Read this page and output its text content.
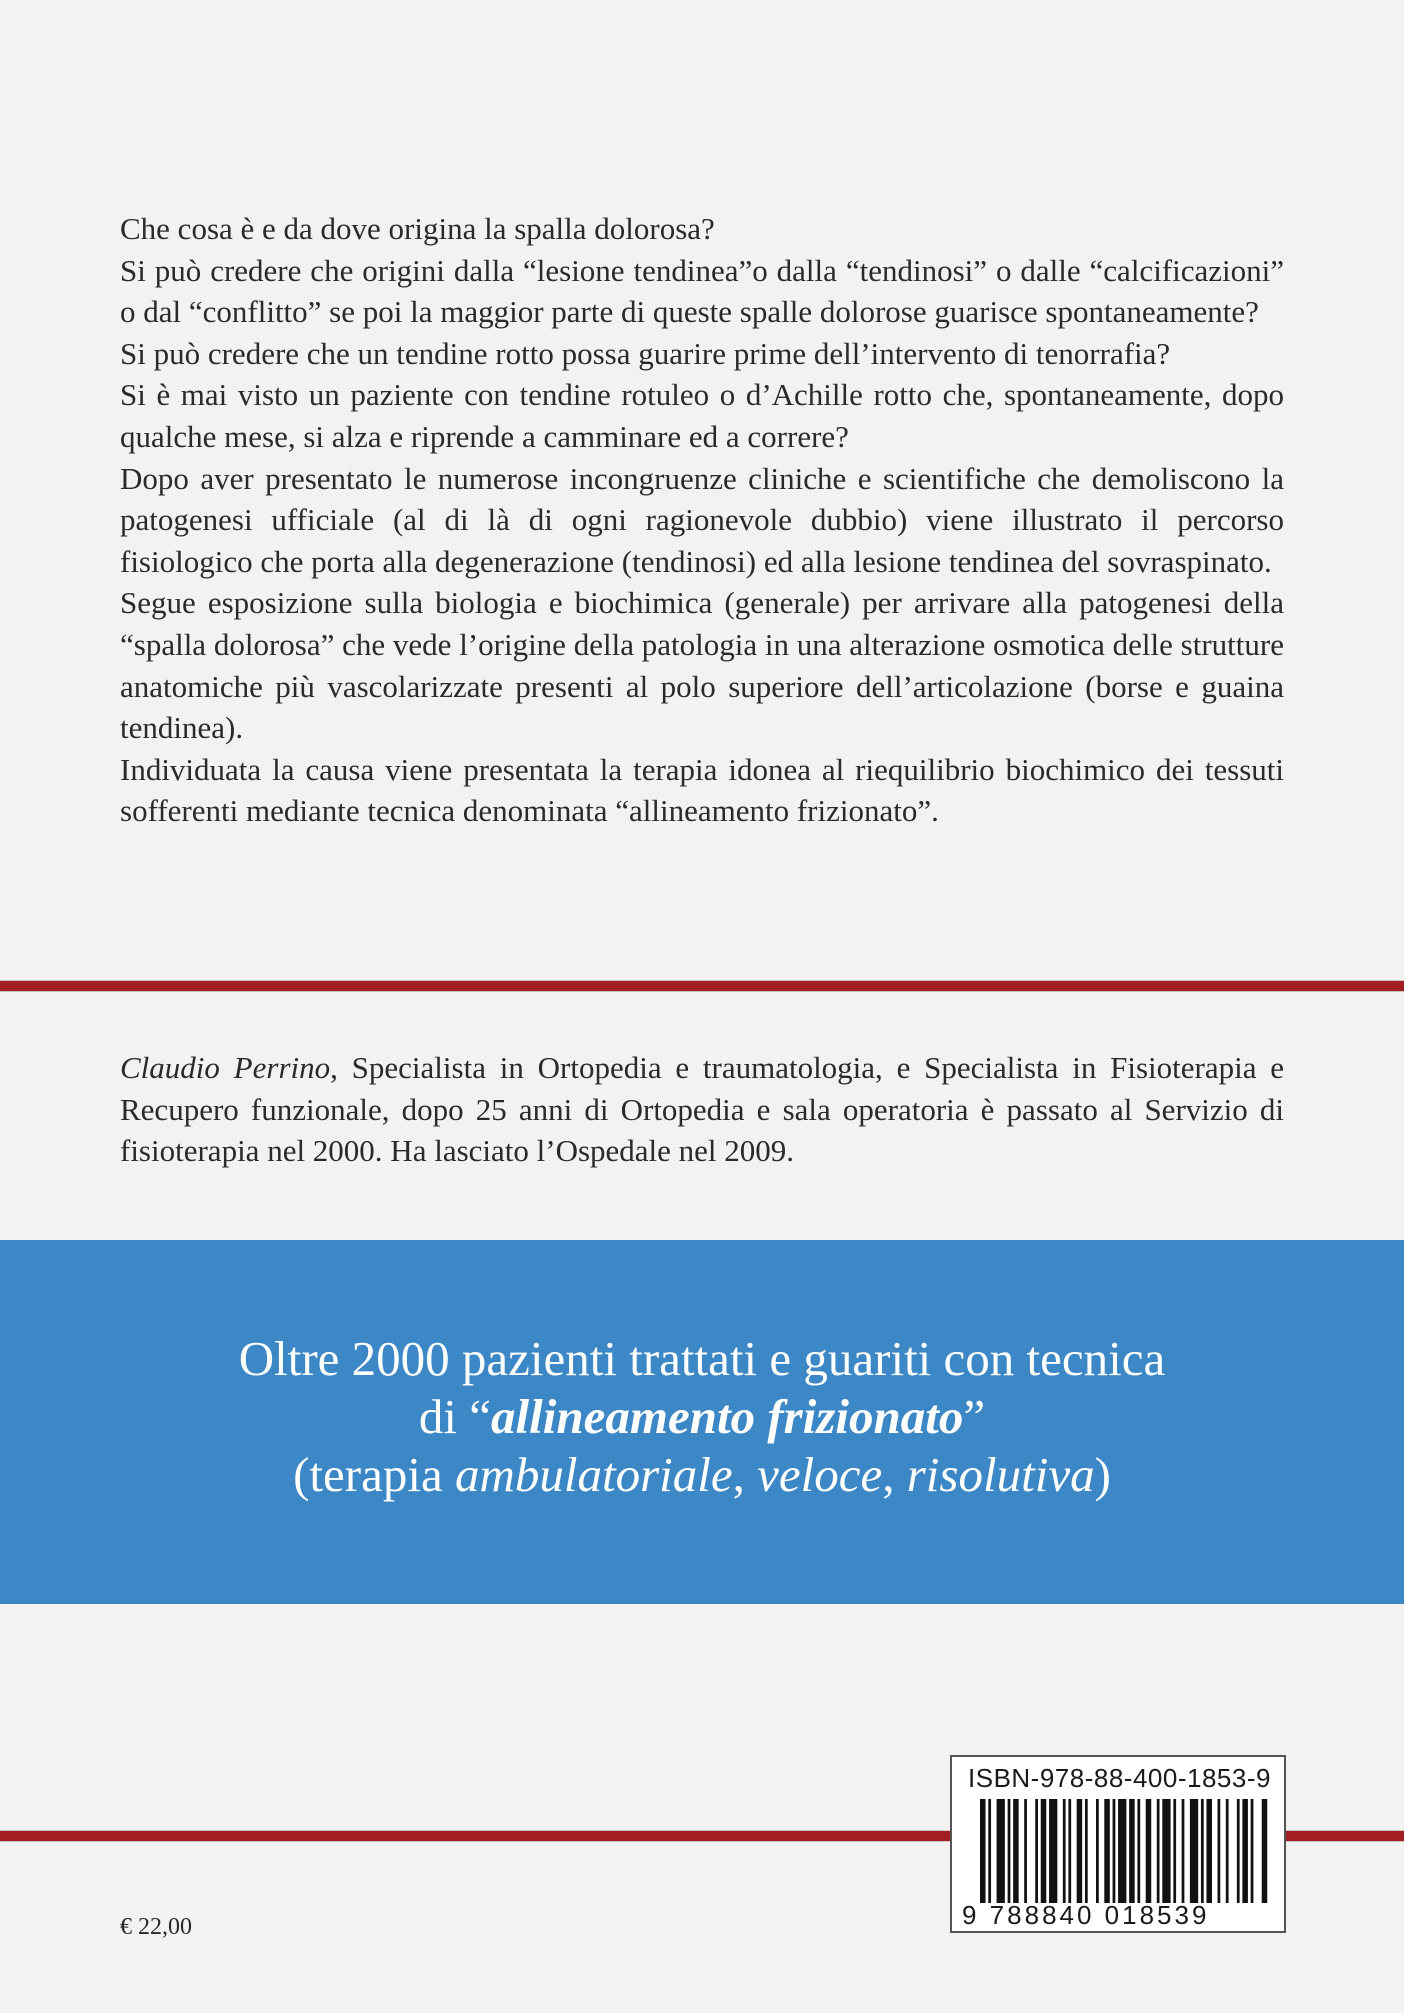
Che cosa è e da dove origina la spalla dolorosa?

Si può credere che origini dalla “lesione tendinea”o dalla “tendinosi” o dalle “calcificazioni” o dal “conflitto” se poi la maggior parte di queste spalle dolorose guarisce spontaneamente?

Si può credere che un tendine rotto possa guarire prime dell’intervento di tenorrafia?

Si è mai visto un paziente con tendine rotuleo o d’Achille rotto che, spontaneamente, dopo qualche mese, si alza e riprende a camminare ed a correre?

Dopo aver presentato le numerose incongruenze cliniche e scientifiche che demoliscono la patogenesi ufficiale (al di là di ogni ragionevole dubbio) viene illustrato il percorso fisiologico che porta alla degenerazione (tendinosi) ed alla lesione tendinea del sovraspinato.

Segue esposizione sulla biologia e biochimica (generale) per arrivare alla patogenesi della “spalla dolorosa” che vede l’origine della patologia in una alterazione osmotica delle strutture anatomiche più vascolarizzate presenti al polo superiore dell’articolazione (borse e guaina tendinea).

Individuata la causa viene presentata la terapia idonea al riequilibrio biochimico dei tessuti sofferenti mediante tecnica denominata “allineamento frizionato”.

Claudio Perrino, Specialista in Ortopedia e traumatologia, e Specialista in Fisioterapia e Recupero funzionale, dopo 25 anni di Ortopedia e sala operatoria è passato al Servizio di fisioterapia nel 2000. Ha lasciato l’Ospedale nel 2009.
Oltre 2000 pazienti trattati e guariti con tecnica
di “allineamento frizionato”
(terapia ambulatoriale, veloce, risolutiva)
ISBN-978-88-400-1853-9
9 788840 018539
€ 22,00
